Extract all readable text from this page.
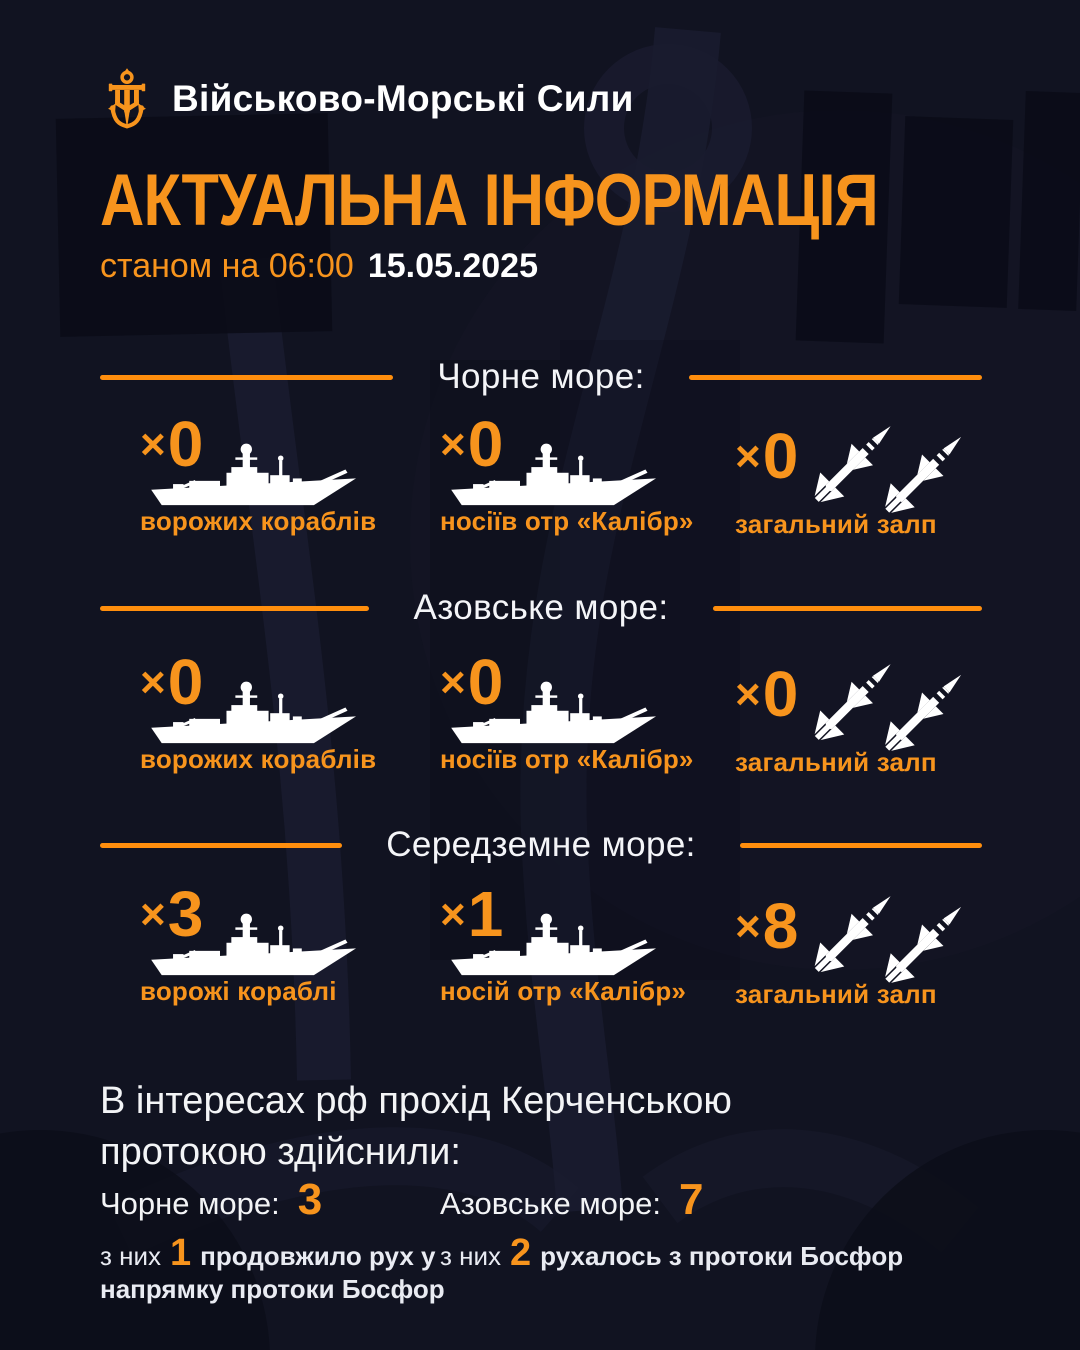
Військово-Морські Сили
АКТУАЛЬНА ІНФОРМАЦІЯ
станом на 06:00 15.05.2025
Чорне море:
×0
ворожих кораблів
×0
носіїв отр «Калібр»
×0
загальний залп
Азовське море:
×0
ворожих кораблів
×0
носіїв отр «Калібр»
×0
загальний залп
Середземне море:
×3
ворожі кораблі
×1
носій отр «Калібр»
×8
загальний залп

В інтересах рф прохід Керченською протокою здійснили:

Чорне море: 3
з них 1 продовжило рух у напрямку протоки Босфор
Азовське море: 7
з них 2 рухалось з протоки Босфор
